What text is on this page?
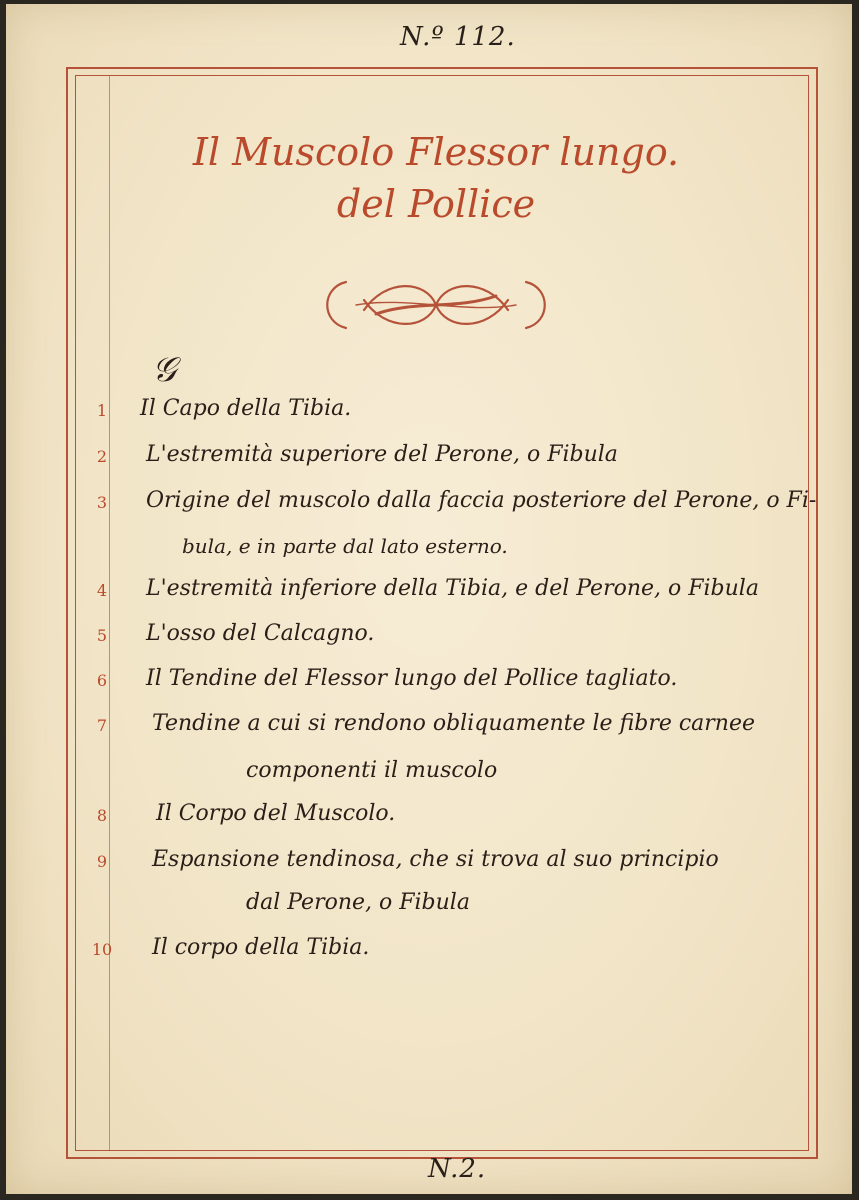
N.º 112.
Il Muscolo Flessor lungo.
del Pollice
𝒢
1	Il Capo della Tibia.
2	L'estremità superiore del Perone, o Fibula
3	Origine del muscolo dalla faccia posteriore del Perone, o Fi-
bula, e in parte dal lato esterno.
4	L'estremità inferiore della Tibia, e del Perone, o Fibula
5	L'osso del Calcagno.
6	Il Tendine del Flessor lungo del Pollice tagliato.
7	Tendine a cui si rendono obliquamente le fibre carnee
componenti il muscolo
8	Il Corpo del Muscolo.
9	Espansione tendinosa, che si trova al suo principio
dal Perone, o Fibula
10	Il corpo della Tibia.
N.2.
